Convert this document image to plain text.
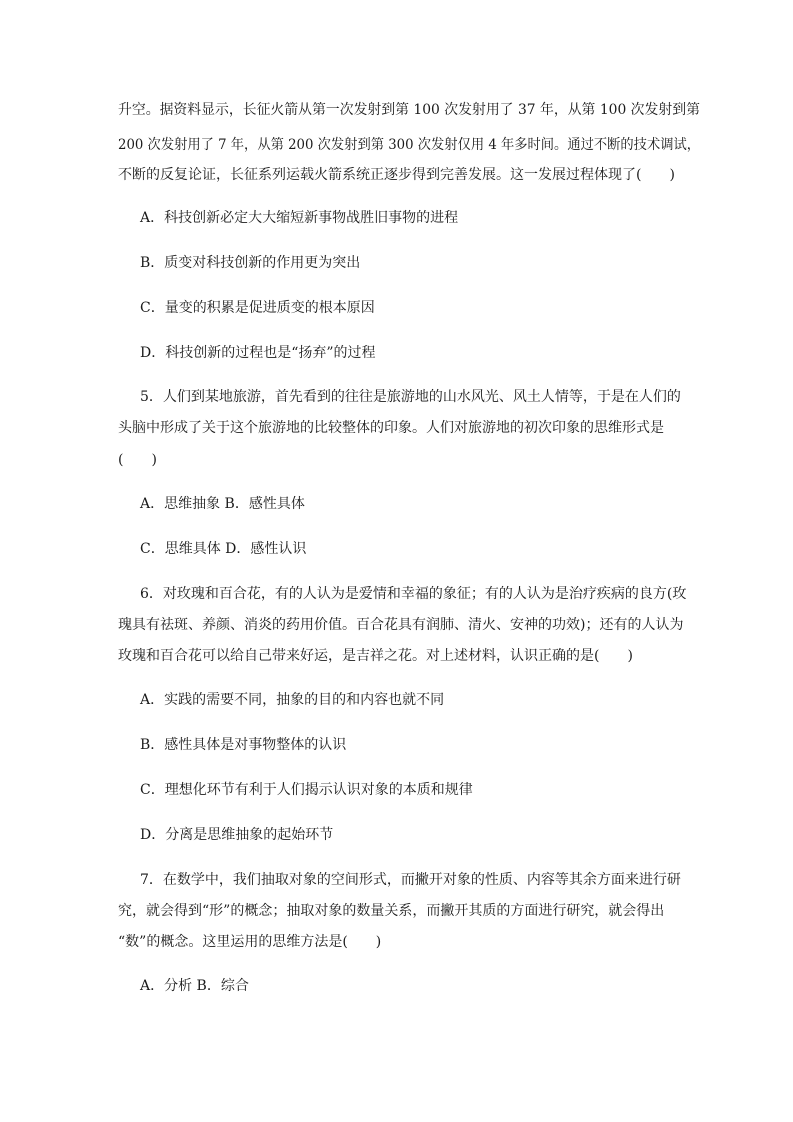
升空。据资料显示，长征火箭从第一次发射到第 100 次发射用了 37 年，从第 100 次发射到第
200 次发射用了 7 年，从第 200 次发射到第 300 次发射仅用 4 年多时间。通过不断的技术调试，
不断的反复论证，长征系列运载火箭系统正逐步得到完善发展。这一发展过程体现了(　　)
A．科技创新必定大大缩短新事物战胜旧事物的进程
B．质变对科技创新的作用更为突出
C．量变的积累是促进质变的根本原因
D．科技创新的过程也是“扬弃”的过程
5．人们到某地旅游，首先看到的往往是旅游地的山水风光、风土人情等，于是在人们的
头脑中形成了关于这个旅游地的比较整体的印象。人们对旅游地的初次印象的思维形式是
(　　)
A．思维抽象 B．感性具体
C．思维具体 D．感性认识
6．对玫瑰和百合花，有的人认为是爱情和幸福的象征；有的人认为是治疗疾病的良方(玫
瑰具有祛斑、养颜、消炎的药用价值。百合花具有润肺、清火、安神的功效)；还有的人认为
玫瑰和百合花可以给自己带来好运，是吉祥之花。对上述材料，认识正确的是(　　)
A．实践的需要不同，抽象的目的和内容也就不同
B．感性具体是对事物整体的认识
C．理想化环节有利于人们揭示认识对象的本质和规律
D．分离是思维抽象的起始环节
7．在数学中，我们抽取对象的空间形式，而撇开对象的性质、内容等其余方面来进行研
究，就会得到“形”的概念；抽取对象的数量关系，而撇开其质的方面进行研究，就会得出
“数”的概念。这里运用的思维方法是(　　)
A．分析 B．综合
